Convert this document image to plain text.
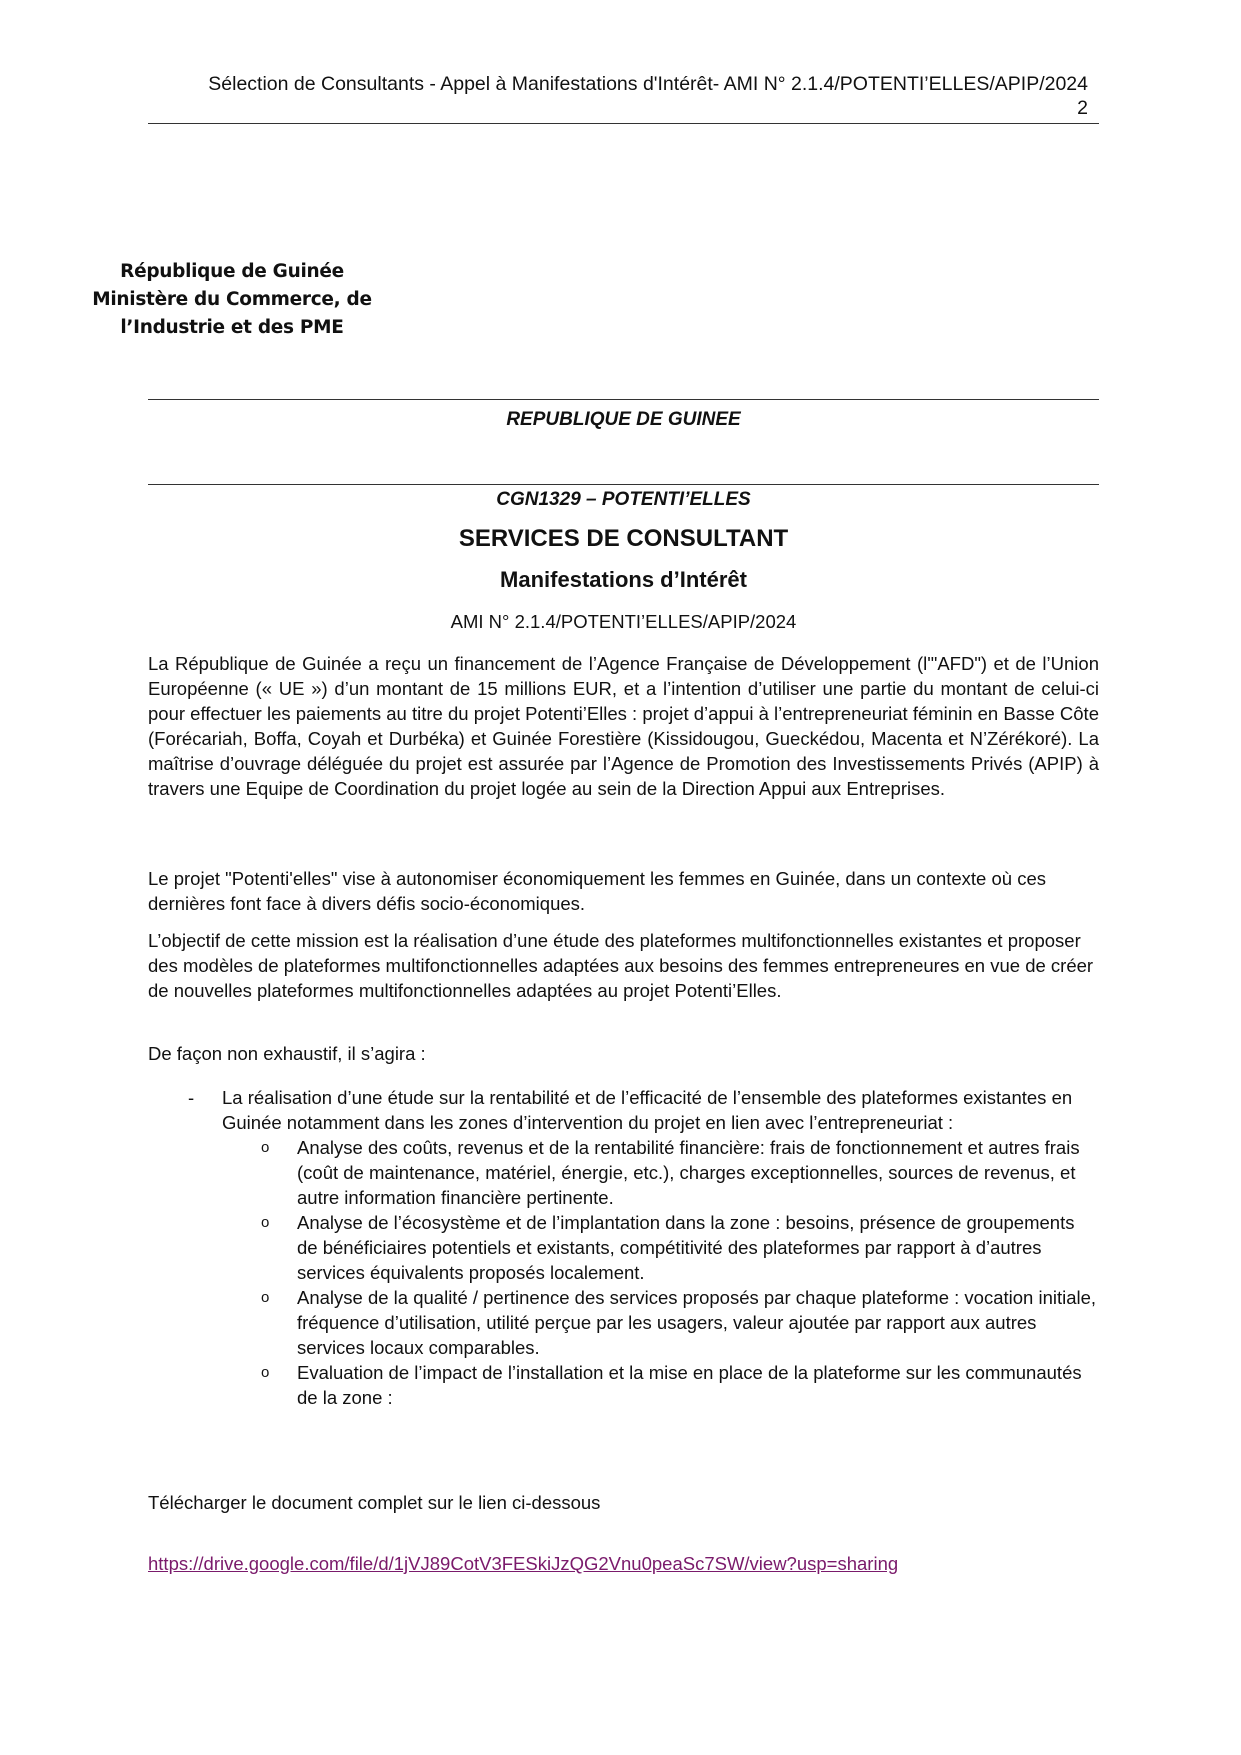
Sélection de Consultants - Appel à Manifestations d'Intérêt- AMI N° 2.1.4/POTENTI’ELLES/APIP/2024
2
République de Guinée
Ministère du Commerce, de
l’Industrie et des PME
REPUBLIQUE DE GUINEE
CGN1329 – POTENTI’ELLES
SERVICES DE CONSULTANT
Manifestations d’Intérêt
AMI N° 2.1.4/POTENTI’ELLES/APIP/2024
La République de Guinée a reçu un financement de l’Agence Française de Développement (l'"AFD") et de l’Union Européenne (« UE ») d’un montant de 15 millions EUR, et a l’intention d’utiliser une partie du montant de celui-ci pour effectuer les paiements au titre du projet Potenti’Elles : projet d’appui à l’entrepreneuriat féminin en Basse Côte (Forécariah, Boffa, Coyah et Durbéka) et Guinée Forestière (Kissidougou, Gueckédou, Macenta et N’Zérékoré). La maîtrise d’ouvrage déléguée du projet est assurée par l’Agence de Promotion des Investissements Privés (APIP) à travers une Equipe de Coordination du projet logée au sein de la Direction Appui aux Entreprises.
Le projet "Potenti'elles" vise à autonomiser économiquement les femmes en Guinée, dans un contexte où ces dernières font face à divers défis socio-économiques.
L’objectif de cette mission est la réalisation d’une étude des plateformes multifonctionnelles existantes et proposer des modèles de plateformes multifonctionnelles adaptées aux besoins des femmes entrepreneures en vue de créer de nouvelles plateformes multifonctionnelles adaptées au projet Potenti’Elles.
De façon non exhaustif, il s’agira :
- La réalisation d’une étude sur la rentabilité et de l’efficacité de l’ensemble des plateformes existantes en Guinée notamment dans les zones d’intervention du projet en lien avec l’entrepreneuriat :
o Analyse des coûts, revenus et de la rentabilité financière: frais de fonctionnement et autres frais (coût de maintenance, matériel, énergie, etc.), charges exceptionnelles, sources de revenus, et autre information financière pertinente.
o Analyse de l’écosystème et de l’implantation dans la zone : besoins, présence de groupements de bénéficiaires potentiels et existants, compétitivité des plateformes par rapport à d’autres services équivalents proposés localement.
o Analyse de la qualité / pertinence des services proposés par chaque plateforme : vocation initiale, fréquence d’utilisation, utilité perçue par les usagers, valeur ajoutée par rapport aux autres services locaux comparables.
o Evaluation de l’impact de l’installation et la mise en place de la plateforme sur les communautés de la zone :
Télécharger le document complet sur le lien ci-dessous
https://drive.google.com/file/d/1jVJ89CotV3FESkiJzQG2Vnu0peaSc7SW/view?usp=sharing
